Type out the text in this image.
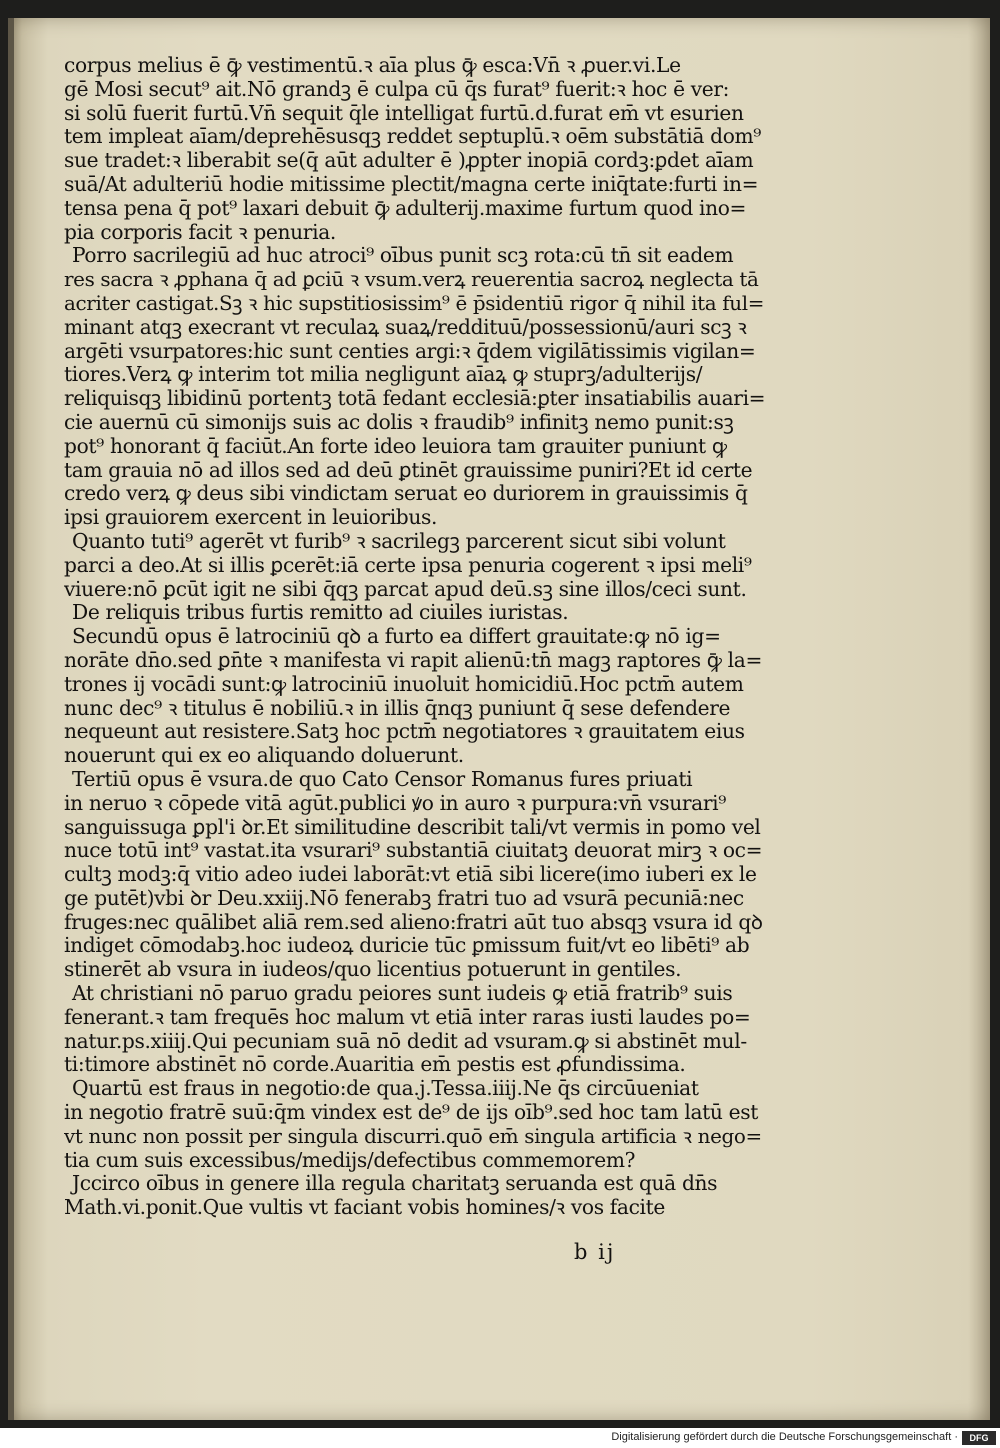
corpus melius ē ꝙ̄ vestimentū.ꝛ aīa plus ꝙ̄ esca:Vn̄ ꝛ ꝓuer.vi.Le
gē Mosi secut⁹ ait.Nō grandꝫ ē culpa cū q̄s furat⁹ fuerit:ꝛ hoc ē ver:
si solū fuerit furtū.Vn̄ sequit̄ q̄le intelligat furtū.d.furat̄ em̄ vt esurien
tem impleat aīam/deprehēsusqꝫ reddet septuplū.ꝛ oēm substātiā dom⁹
sue tradet:ꝛ liberabit se(q̄ aūt adulter ē )ꝓpter inopiā cordꝫ:ꝑdet aīam
suā/At adulteriū hodie mitissime plectit̄/magna certe iniq̄tate:furti in=
tensa pena q̄ pot⁹ laxari debuit ꝙ̄ adulterij.maxime furtum quod ino=
pia corporis facit ꝛ penuria.
Porro sacrilegiū ad huc atroci⁹ oībus punit̄ scꝫ rota:cū tn̄ sit eadem
res sacra ꝛ ꝓphana q̄ ad ꝑciū ꝛ vsum.verꝝ reuerentia sacroꝝ neglecta tā
acriter castigat̄.Sꝫ ꝛ hic supstitiosissim⁹ ē p̄sidentiū rigor q̄ nihil ita ful=
minant atqꝫ execrant̄ vt reculaꝝ suaꝝ/reddituū/possessionū/auri scꝫ ꝛ
argēti vsurpatores:hic sunt centies argi:ꝛ q̄dem vigilātissimis vigilan=
tiores.Verꝝ ꝙ interim tot milia negligunt̄ aīaꝝ ꝙ stuprꝫ/adulterijs/
reliquisqꝫ libidinū portentꝫ totā fedant ecclesiā:ꝑter insatiabilis auari=
cie auernū cū simonijs suis ac dolis ꝛ fraudib⁹ infinitꝫ nemo punit:sꝫ
pot⁹ honorant̄ q̄ faciūt.An forte ideo leuiora tam grauiter puniunt ꝙ
tam grauia nō ad illos sed ad deū ꝑtinēt grauissime puniri?Et id certe
credo verꝝ ꝙ deus sibi vindictam seruat eo duriorem in grauissimis q̄
ipsi grauiorem exercent in leuioribus.
Quanto tuti⁹ agerēt vt furib⁹ ꝛ sacrilegꝫ parcerent sicut sibi volunt
parci a deo.At si illis ꝑcerēt:iā certe ipsa penuria cogerent̄ ꝛ ipsi meli⁹
viuere:nō ꝑcūt igit̄ ne sibi q̄qꝫ parcat̄ apud deū.sꝫ sine illos/ceci sunt.
De reliquis tribus furtis remitto ad ciuiles iuristas.
Secundū opus ē latrociniū qꝺ a furto ea differt grauitate:ꝙ nō ig=
norāte dn̄o.sed ꝑn̄te ꝛ manifesta vi rapit alienū:tn̄ magꝫ raptores ꝙ̄ la=
trones ij vocādi sunt:ꝙ latrociniū inuoluit homicidiū.Hoc pctm̄ autem
nunc dec⁹ ꝛ titulus ē nobiliū.ꝛ in illis q̄nqꝫ puniunt̄ q̄ sese defendere
nequeunt aut resistere.Satꝫ hoc pctm̄ negotiatores ꝛ grauitatem eius
nouerunt qui ex eo aliquando doluerunt.
Tertiū opus ē vsura.de quo Cato Censor Romanus fures priuati
in neruo ꝛ cōpede vitā agūt.publici ꝟo in auro ꝛ purpura:vn̄ vsurari⁹
sanguissuga ꝑpl'i ꝺr.Et similitudine describit̄ tali/vt vermis in pomo vel
nuce totū int⁹ vastat.ita vsurari⁹ substantiā ciuitatꝫ deuorat mirꝫ ꝛ oc=
cultꝫ modꝫ:q̄ vitio adeo iudei laborāt:vt etiā sibi licere(imo iuberi ex le
ge putēt)vbi ꝺr Deu.xxiij.Nō fenerabꝫ fratri tuo ad vsurā pecuniā:nec
fruges:nec quālibet aliā rem.sed alieno:fratri aūt tuo absqꝫ vsura id qꝺ
indiget cōmodabꝫ.hoc iudeoꝝ duricie tūc ꝑmissum fuit/vt eo libēti⁹ ab
stinerēt ab vsura in iudeos/quo licentius potuerunt in gentiles.
At christiani nō paruo gradu peiores sunt iudeis ꝙ etiā fratrib⁹ suis
fenerant.ꝛ tam frequēs hoc malum vt etiā inter raras iusti laudes po=
natur.ps.xiiij.Qui pecuniam suā nō dedit ad vsuram.ꝙ si abstinēt mul-
ti:timore abstinēt nō corde.Auaritia em̄ pestis est ꝓfundissima.
Quartū est fraus in negotio:de qua.j.Tessa.iiij.Ne q̄s circūueniat
in negotio fratrē suū:q̄m vindex est de⁹ de ijs oīb⁹.sed hoc tam latū est
vt nunc non possit per singula discurri.quō em̄ singula artificia ꝛ nego=
tia cum suis excessibus/medijs/defectibus commemorem?
Jccirco oībus in genere illa regula charitatꝫ seruanda est quā dn̄s
Math.vi.ponit.Que vultis vt faciant vobis homines/ꝛ vos facite
b ij
Digitalisierung gefördert durch die Deutsche Forschungsgemeinschaft ·	DFG
